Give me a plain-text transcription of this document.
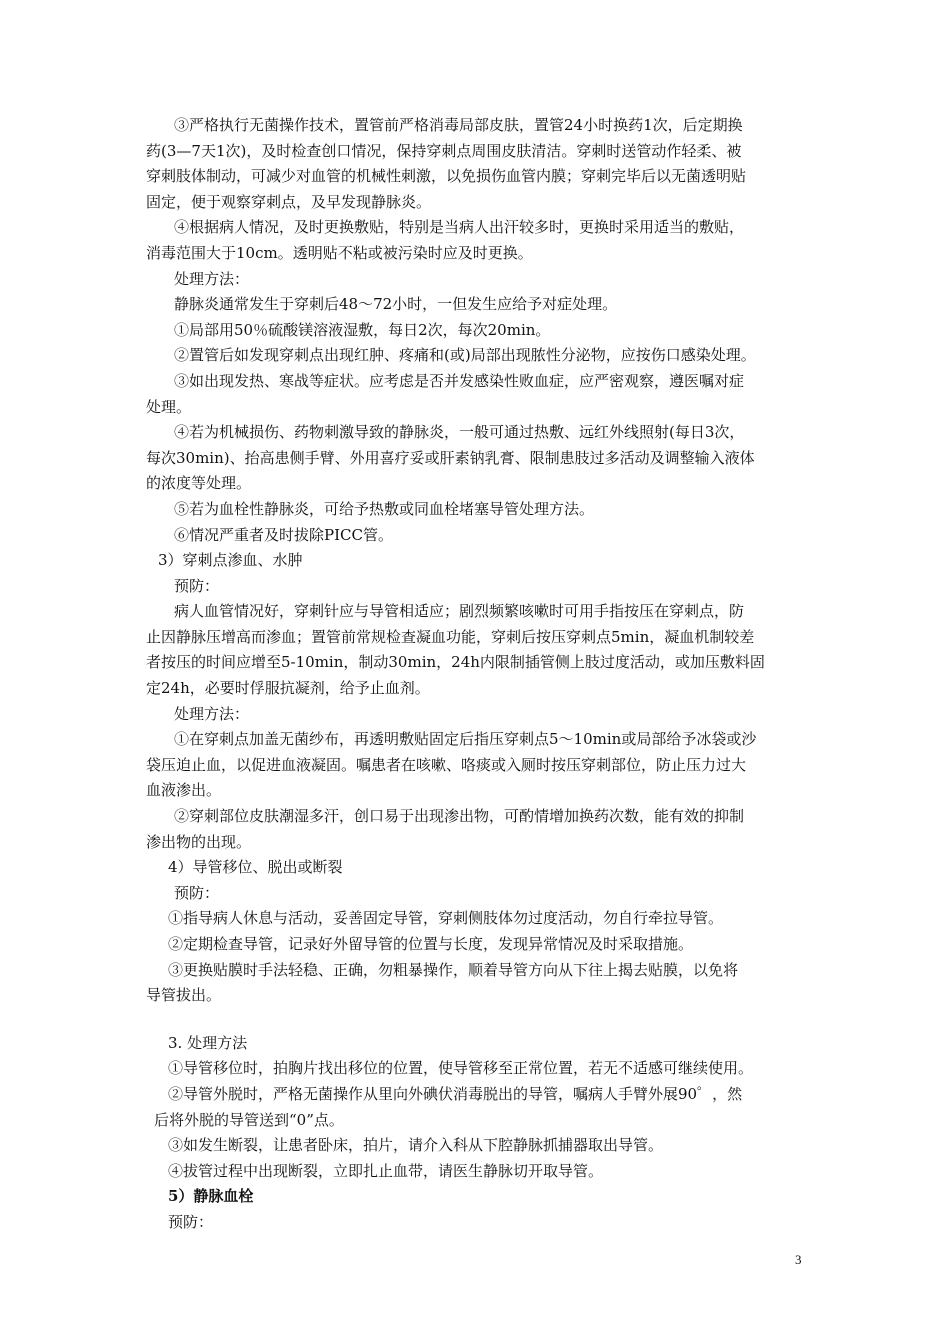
③严格执行无菌操作技术，置管前严格消毒局部皮肤，置管24小时换药1次，后定期换
药(3—7天1次)，及时检查创口情况，保持穿刺点周围皮肤清洁。穿刺时送管动作轻柔、被
穿刺肢体制动，可减少对血管的机械性刺激，以免损伤血管内膜；穿刺完毕后以无菌透明贴
固定，便于观察穿刺点，及早发现静脉炎。
④根据病人情况，及时更换敷贴，特别是当病人出汗较多时，更换时采用适当的敷贴，
消毒范围大于10cm。透明贴不粘或被污染时应及时更换。
处理方法：
静脉炎通常发生于穿刺后48～72小时，一但发生应给予对症处理。
①局部用50％硫酸镁溶液湿敷，每日2次，每次20min。
②置管后如发现穿刺点出现红肿、疼痛和(或)局部出现脓性分泌物，应按伤口感染处理。
③如出现发热、寒战等症状。应考虑是否并发感染性败血症，应严密观察，遵医嘱对症
处理。
④若为机械损伤、药物刺激导致的静脉炎，一般可通过热敷、远红外线照射(每日3次，
每次30min)、抬高患侧手臂、外用喜疗妥或肝素钠乳膏、限制患肢过多活动及调整输入液体
的浓度等处理。
⑤若为血栓性静脉炎，可给予热敷或同血栓堵塞导管处理方法。
⑥情况严重者及时拔除PICC管。
3）穿刺点渗血、水肿
预防：
病人血管情况好，穿刺针应与导管相适应；剧烈频繁咳嗽时可用手指按压在穿刺点，防
止因静脉压增高而渗血；置管前常规检查凝血功能，穿刺后按压穿刺点5min，凝血机制较差
者按压的时间应增至5-10min，制动30min，24h内限制插管侧上肢过度活动，或加压敷料固
定24h，必要时俘服抗凝剂，给予止血剂。
处理方法：
①在穿刺点加盖无菌纱布，再透明敷贴固定后指压穿刺点5～10min或局部给予冰袋或沙
袋压迫止血，以促进血液凝固。嘱患者在咳嗽、咯痰或入厕时按压穿刺部位，防止压力过大
血液渗出。
②穿刺部位皮肤潮湿多汗，创口易于出现渗出物，可酌情增加换药次数，能有效的抑制
渗出物的出现。
4）导管移位、脱出或断裂
预防：
①指导病人休息与活动，妥善固定导管，穿刺侧肢体勿过度活动，勿自行牵拉导管。
②定期检查导管，记录好外留导管的位置与长度，发现异常情况及时采取措施。
③更换贴膜时手法轻稳、正确，勿粗暴操作，顺着导管方向从下往上揭去贴膜，以免将
导管拔出。
3. 处理方法
①导管移位时，拍胸片找出移位的位置，使导管移至正常位置，若无不适感可继续使用。
②导管外脱时，严格无菌操作从里向外碘伏消毒脱出的导管，嘱病人手臂外展90゜，然
后将外脱的导管送到“0”点。
③如发生断裂，让患者卧床，拍片，请介入科从下腔静脉抓捕器取出导管。
④拔管过程中出现断裂，立即扎止血带，请医生静脉切开取导管。
5）静脉血栓
预防：
3
